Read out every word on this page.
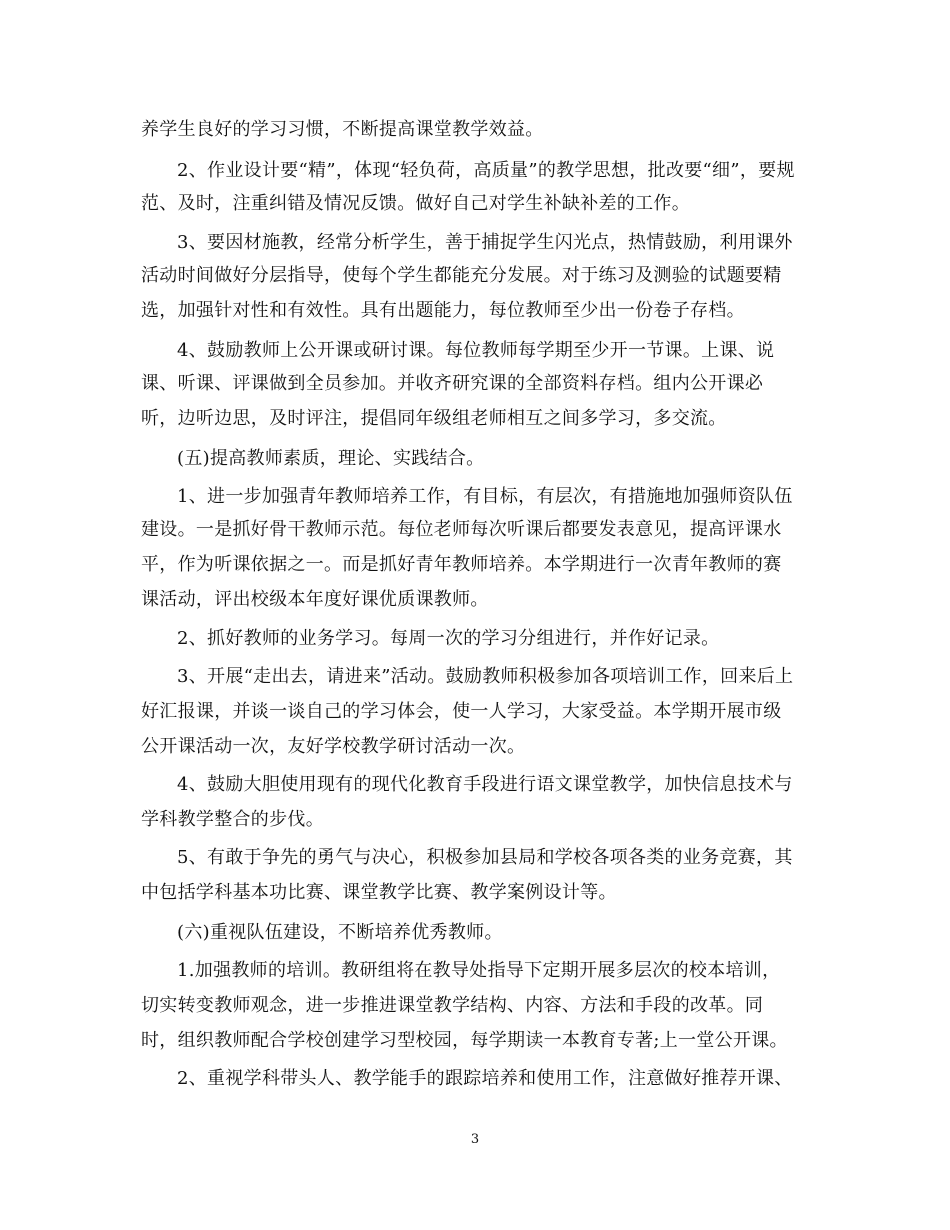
养学生良好的学习习惯，不断提高课堂教学效益。
2、作业设计要“精”，体现“轻负荷，高质量”的教学思想，批改要“细”，要规
范、及时，注重纠错及情况反馈。做好自己对学生补缺补差的工作。
3、要因材施教，经常分析学生，善于捕捉学生闪光点，热情鼓励，利用课外
活动时间做好分层指导，使每个学生都能充分发展。对于练习及测验的试题要精
选，加强针对性和有效性。具有出题能力，每位教师至少出一份卷子存档。
4、鼓励教师上公开课或研讨课。每位教师每学期至少开一节课。上课、说
课、听课、评课做到全员参加。并收齐研究课的全部资料存档。组内公开课必
听，边听边思，及时评注，提倡同年级组老师相互之间多学习，多交流。
(五)提高教师素质，理论、实践结合。
1、进一步加强青年教师培养工作，有目标，有层次，有措施地加强师资队伍
建设。一是抓好骨干教师示范。每位老师每次听课后都要发表意见，提高评课水
平，作为听课依据之一。而是抓好青年教师培养。本学期进行一次青年教师的赛
课活动，评出校级本年度好课优质课教师。
2、抓好教师的业务学习。每周一次的学习分组进行，并作好记录。
3、开展“走出去，请进来”活动。鼓励教师积极参加各项培训工作，回来后上
好汇报课，并谈一谈自己的学习体会，使一人学习，大家受益。本学期开展市级
公开课活动一次，友好学校教学研讨活动一次。
4、鼓励大胆使用现有的现代化教育手段进行语文课堂教学，加快信息技术与
学科教学整合的步伐。
5、有敢于争先的勇气与决心，积极参加县局和学校各项各类的业务竞赛，其
中包括学科基本功比赛、课堂教学比赛、教学案例设计等。
(六)重视队伍建设，不断培养优秀教师。
1.加强教师的培训。教研组将在教导处指导下定期开展多层次的校本培训，
切实转变教师观念，进一步推进课堂教学结构、内容、方法和手段的改革。同
时，组织教师配合学校创建学习型校园，每学期读一本教育专著;上一堂公开课。
2、重视学科带头人、教学能手的跟踪培养和使用工作，注意做好推荐开课、
3
